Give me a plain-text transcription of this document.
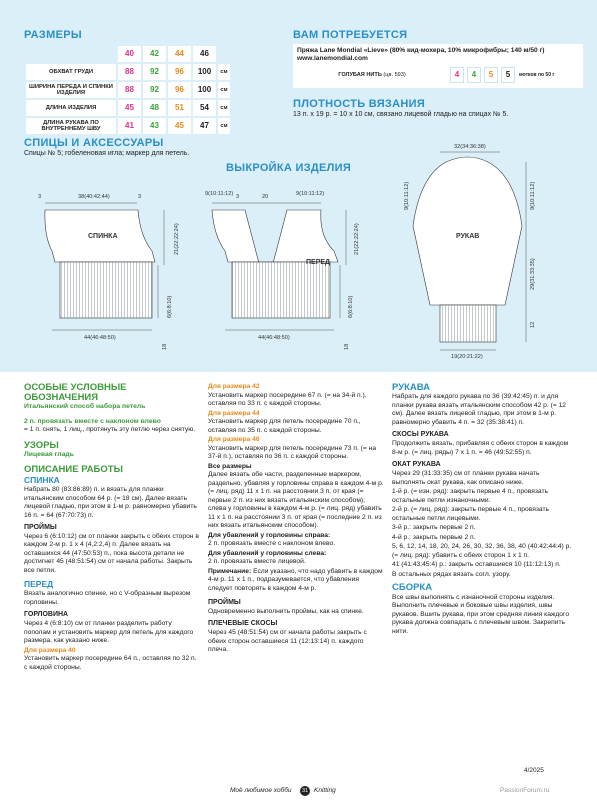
РАЗМЕРЫ
	40	42	44	46	
ОБХВАТ ГРУДИ	88	92	96	100	см
ШИРИНА ПЕРЕДА И СПИНКИ ИЗДЕЛИЯ	88	92	96	100	см
ДЛИНА ИЗДЕЛИЯ	45	48	51	54	см
ДЛИНА РУКАВА ПО ВНУТРЕННЕМУ ШВУ	41	43	45	47	см
ВАМ ПОТРЕБУЕТСЯ
Пряжа Lane Mondial «Lieve» (80% кид-мохера, 10% микрофибры; 140 м/50 г)
www.lanemondial.com
ГОЛУБАЯ НИТЬ (цв. 593)	4	4	5	5	мотков по 50 г
ПЛОТНОСТЬ ВЯЗАНИЯ
13 п. х 19 р. = 10 х 10 см, связано лицевой гладью на спицах № 5.
СПИЦЫ И АКСЕССУАРЫ
Спицы № 5; гобеленовая игла; маркер для петель.
ВЫКРОЙКА ИЗДЕЛИЯ
3	38(40:42:44)	3
21(22:22:24)
6(6:8:10)
18
44(46:48:50)
СПИНКА
9(10:11:12)	20
3	9(10:11:12)
21(22:22:24)
6(6:8:10)
18
44(46:48:50)
ПЕРЕД
32(34:36:38)
9(10:11:12)	9(10:11:12)
29(31:33:35)
12
19(20:21:22)
РУКАВ
ОСОБЫЕ УСЛОВНЫЕ ОБОЗНАЧЕНИЯ
Итальянский способ набора петель
2 п. провязать вместе с наклоном влево

= 1 п. снять, 1 лиц., протянуть эту петлю через снятую.

УЗОРЫ
Лицевая гладь
ОПИСАНИЕ РАБОТЫ
СПИНКА

Набрать 80 (83:86:89) п. и вязать для планки итальянским способом 64 р. (= 18 см). Далее вязать лицевой гладью, при этом в 1-м р. равномерно убавить 16 п. = 64 (67:70:73) п.

ПРОЙМЫ

Через 6 (6:10:12) см от планки закрыть с обеих сторон в каждом 2-м р. 1 х 4 (4,2:2,4) п. Далее вязать на оставшихся 44 (47:50:53) п., пока высота детали не достигнет 45 (48:51:54) см от начала работы. Закрыть все петли.

ПЕРЕД

Вязать аналогично спинке, но с V-образным вырезом горловины.

ГОРЛОВИНА

Через 4 (6:8:10) см от планки разделить работу пополам и установить маркер для петель для каждого размера, как указано ниже.

Для размера 40

Установить маркер посередине 64 п., оставляя по 32 п. с каждой стороны.

Для размера 42

Установить маркер посередине 67 п. (= на 34-й п.), оставляя по 33 п. с каждой стороны.

Для размера 44

Установить маркер для петель посередине 70 п., оставляя по 35 п. с каждой стороны.

Для размера 46

Установить маркер для петель посередине 73 п. (= на 37-й п.), оставляя по 36 п. с каждой стороны.

Все размеры

Далее вязать обе части, разделенные маркером, раздельно, убавляя у горловины справа в каждом 4-м р. (= лиц. ряд) 11 х 1 п. на расстоянии 3 п. от края (= первые 2 п. из них вязать итальянским способом); слева у горловины в каждом 4-м р. (= лиц. ряд) убавить 11 х 1 п. на расстоянии 3 п. от края (= последние 2 п. из них вязать итальянским способом).

Для убавлений у горловины справа:

2 п. провязать вместе с наклоном влево.

Для убавлений у горловины слева:

2 п. провязать вместе лицевой.

Примечание: Если указано, что надо убавить в каждом 4-м р. 11 х 1 п., подразумевается, что убавления следует повторять в каждом 4-м р.

ПРОЙМЫ

Одновременно выполнить проймы, как на спинке.

ПЛЕЧЕВЫЕ СКОСЫ

Через 45 (48:51:54) см от начала работы закрыть с обеих сторон оставшиеся 11 (12:13:14) п. каждого плеча.

РУКАВА

Набрать для каждого рукава по 36 (39:42:45) п. и для планки рукава вязать итальянским способом 42 р. (= 12 см). Далее вязать лицевой гладью, при этом в 1-м р. равномерно убавить 4 п. = 32 (35:38:41) п.

СКОСЫ РУКАВА

Продолжить вязать, прибавляя с обеих сторон в каждом 8-м р. (= лиц. ряды) 7 х 1 п. = 46 (49:52:55) п.

ОКАТ РУКАВА

Через 29 (31:33:35) см от планки рукава начать выполнять окат рукава, как описано ниже.

1-й р. (= изн. ряд): закрыть первые 4 п., провязать остальные петли изнаночными.

2-й р. (= лиц. ряд): закрыть первые 4 п., провязать остальные петли лицевыми.

3-й р.: закрыть первые 2 п.

4-й р.: закрыть первые 2 п.

5, 6, 12, 14, 18, 20, 24, 26, 30, 32, 36, 38, 40 (40:42:44:4) р. (= лиц. ряд): убавить с обеих сторон 1 х 1 п.

41 (41:43:45:4) р.: закрыть оставшиеся 10 (11:12:13) п.

В остальных рядах вязать согл. узору.

СБОРКА

Все швы выполнять с изнаночной стороны изделия. Выполнить плечевые и боковые швы изделия, швы рукавов. Вшить рукава, при этом средняя линия каждого рукава должна совпадать с плечевым швом. Закрепить нити.

Моё любимое хобби	31 Knitting
4/2025
PassionForum.ru
